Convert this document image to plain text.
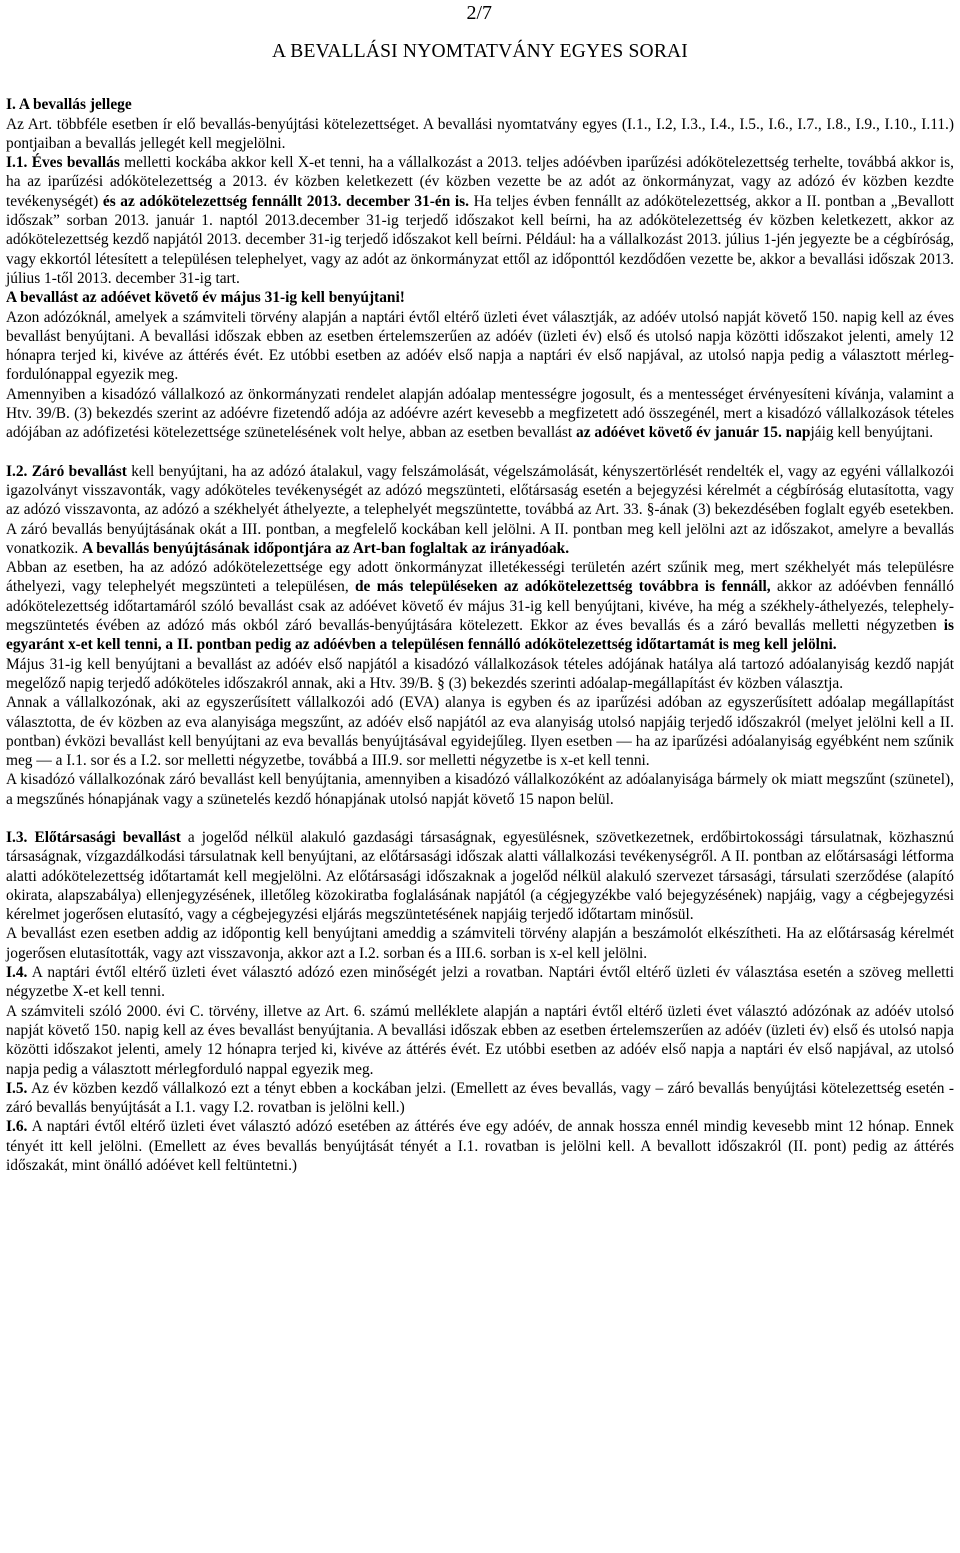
2/7
A BEVALLÁSI NYOMTATVÁNY EGYES SORAI

I. A bevallás jellege

Az Art. többféle esetben ír elő bevallás-benyújtási kötelezettséget. A bevallási nyomtatvány egyes (I.1., I.2, I.3., I.4., I.5., I.6., I.7., I.8., I.9., I.10., I.11.) pontjaiban a bevallás jellegét kell megjelölni.

I.1. Éves bevallás melletti kockába akkor kell X-et tenni, ha a vállalkozást a 2013. teljes adóévben iparűzési adókötelezettség terhelte, továbbá akkor is, ha az iparűzési adókötelezettség a 2013. év közben keletkezett (év közben vezette be az adót az önkormányzat, vagy az adózó év közben kezdte tevékenységét) és az adókötelezettség fennállt 2013. december 31-én is. Ha teljes évben fennállt az adókötelezettség, akkor a II. pontban a „Bevallott időszak” sorban 2013. január 1. naptól 2013.december 31-ig terjedő időszakot kell beírni, ha az adókötelezettség év közben keletkezett, akkor az adókötelezettség kezdő napjától 2013. december 31-ig terjedő időszakot kell beírni. Például: ha a vállalkozást 2013. július 1-jén jegyezte be a cégbíróság, vagy ekkortól létesített a településen telephelyet, vagy az adót az önkormányzat ettől az időponttól kezdődően vezette be, akkor a bevallási időszak 2013. július 1-től 2013. december 31-ig tart.

A bevallást az adóévet követő év május 31-ig kell benyújtani!

Azon adózóknál, amelyek a számviteli törvény alapján a naptári évtől eltérő üzleti évet választják, az adóév utolsó napját követő 150. napig kell az éves bevallást benyújtani. A bevallási időszak ebben az esetben értelemszerűen az adóév (üzleti év) első és utolsó napja közötti időszakot jelenti, amely 12 hónapra terjed ki, kivéve az áttérés évét. Ez utóbbi esetben az adóév első napja a naptári év első napjával, az utolsó napja pedig a választott mérleg-fordulónappal egyezik meg.

Amennyiben a kisadózó vállalkozó az önkormányzati rendelet alapján adóalap mentességre jogosult, és a mentességet érvényesíteni kívánja, valamint a Htv. 39/B. (3) bekezdés szerint az adóévre fizetendő adója az adóévre azért kevesebb a megfizetett adó összegénél, mert a kisadózó vállalkozások tételes adójában az adófizetési kötelezettsége szünetelésének volt helye, abban az esetben bevallást az adóévet követő év január 15. napjáig kell benyújtani.

I.2. Záró bevallást kell benyújtani, ha az adózó átalakul, vagy felszámolását, végelszámolását, kényszertörlését rendelték el, vagy az egyéni vállalkozói igazolványt visszavonták, vagy adóköteles tevékenységét az adózó megszünteti, előtársaság esetén a bejegyzési kérelmét a cégbíróság elutasította, vagy az adózó visszavonta, az adózó a székhelyét áthelyezte, a telephelyét megszüntette, továbbá az Art. 33. §-ának (3) bekezdésében foglalt egyéb esetekben. A záró bevallás benyújtásának okát a III. pontban, a megfelelő kockában kell jelölni. A II. pontban meg kell jelölni azt az időszakot, amelyre a bevallás vonatkozik. A bevallás benyújtásának időpontjára az Art-ban foglaltak az irányadóak.

Abban az esetben, ha az adózó adókötelezettsége egy adott önkormányzat illetékességi területén azért szűnik meg, mert székhelyét más településre áthelyezi, vagy telephelyét megszünteti a településen, de más településeken az adókötelezettség továbbra is fennáll, akkor az adóévben fennálló adókötelezettség időtartamáról szóló bevallást csak az adóévet követő év május 31-ig kell benyújtani, kivéve, ha még a székhely-áthelyezés, telephely-megszüntetés évében az adózó más okból záró bevallás-benyújtására kötelezett. Ekkor az éves bevallás és a záró bevallás melletti négyzetben is egyaránt x-et kell tenni, a II. pontban pedig az adóévben a településen fennálló adókötelezettség időtartamát is meg kell jelölni.

Május 31-ig kell benyújtani a bevallást az adóév első napjától a kisadózó vállalkozások tételes adójának hatálya alá tartozó adóalanyiság kezdő napját megelőző napig terjedő adóköteles időszakról annak, aki a Htv. 39/B. § (3) bekezdés szerinti adóalap-megállapítást év közben választja.

Annak a vállalkozónak, aki az egyszerűsített vállalkozói adó (EVA) alanya is egyben és az iparűzési adóban az egyszerűsített adóalap megállapítást választotta, de év közben az eva alanyisága megszűnt, az adóév első napjától az eva alanyiság utolsó napjáig terjedő időszakról (melyet jelölni kell a II. pontban) évközi bevallást kell benyújtani az eva bevallás benyújtásával egyidejűleg. Ilyen esetben — ha az iparűzési adóalanyiság egyébként nem szűnik meg — a I.1. sor és a I.2. sor melletti négyzetbe, továbbá a III.9. sor melletti négyzetbe is x-et kell tenni.

A kisadózó vállalkozónak záró bevallást kell benyújtania, amennyiben a kisadózó vállalkozóként az adóalanyisága bármely ok miatt megszűnt (szünetel), a megszűnés hónapjának vagy a szünetelés kezdő hónapjának utolsó napját követő 15 napon belül.

I.3. Előtársasági bevallást a jogelőd nélkül alakuló gazdasági társaságnak, egyesülésnek, szövetkezetnek, erdőbirtokossági társulatnak, közhasznú társaságnak, vízgazdálkodási társulatnak kell benyújtani, az előtársasági időszak alatti vállalkozási tevékenységről. A II. pontban az előtársasági létforma alatti adókötelezettség időtartamát kell megjelölni. Az előtársasági időszaknak a jogelőd nélkül alakuló szervezet társasági, társulati szerződése (alapító okirata, alapszabálya) ellenjegyzésének, illetőleg közokiratba foglalásának napjától (a cégjegyzékbe való bejegyzésének) napjáig, vagy a cégbejegyzési kérelmet jogerősen elutasító, vagy a cégbejegyzési eljárás megszüntetésének napjáig terjedő időtartam minősül.

A bevallást ezen esetben addig az időpontig kell benyújtani ameddig a számviteli törvény alapján a beszámolót elkészítheti. Ha az előtársaság kérelmét jogerősen elutasították, vagy azt visszavonja, akkor azt a I.2. sorban és a III.6. sorban is x-el kell jelölni.

I.4. A naptári évtől eltérő üzleti évet választó adózó ezen minőségét jelzi a rovatban. Naptári évtől eltérő üzleti év választása esetén a szöveg melletti négyzetbe X-et kell tenni.

A számviteli szóló 2000. évi C. törvény, illetve az Art. 6. számú melléklete alapján a naptári évtől eltérő üzleti évet választó adózónak az adóév utolsó napját követő 150. napig kell az éves bevallást benyújtania. A bevallási időszak ebben az esetben értelemszerűen az adóév (üzleti év) első és utolsó napja közötti időszakot jelenti, amely 12 hónapra terjed ki, kivéve az áttérés évét. Ez utóbbi esetben az adóév első napja a naptári év első napjával, az utolsó napja pedig a választott mérlegforduló nappal egyezik meg.

I.5. Az év közben kezdő vállalkozó ezt a tényt ebben a kockában jelzi. (Emellett az éves bevallás, vagy – záró bevallás benyújtási kötelezettség esetén - záró bevallás benyújtását a I.1. vagy I.2. rovatban is jelölni kell.)

I.6. A naptári évtől eltérő üzleti évet választó adózó esetében az áttérés éve egy adóév, de annak hossza ennél mindig kevesebb mint 12 hónap. Ennek tényét itt kell jelölni. (Emellett az éves bevallás benyújtását tényét a I.1. rovatban is jelölni kell. A bevallott időszakról (II. pont) pedig az áttérés időszakát, mint önálló adóévet kell feltüntetni.)
